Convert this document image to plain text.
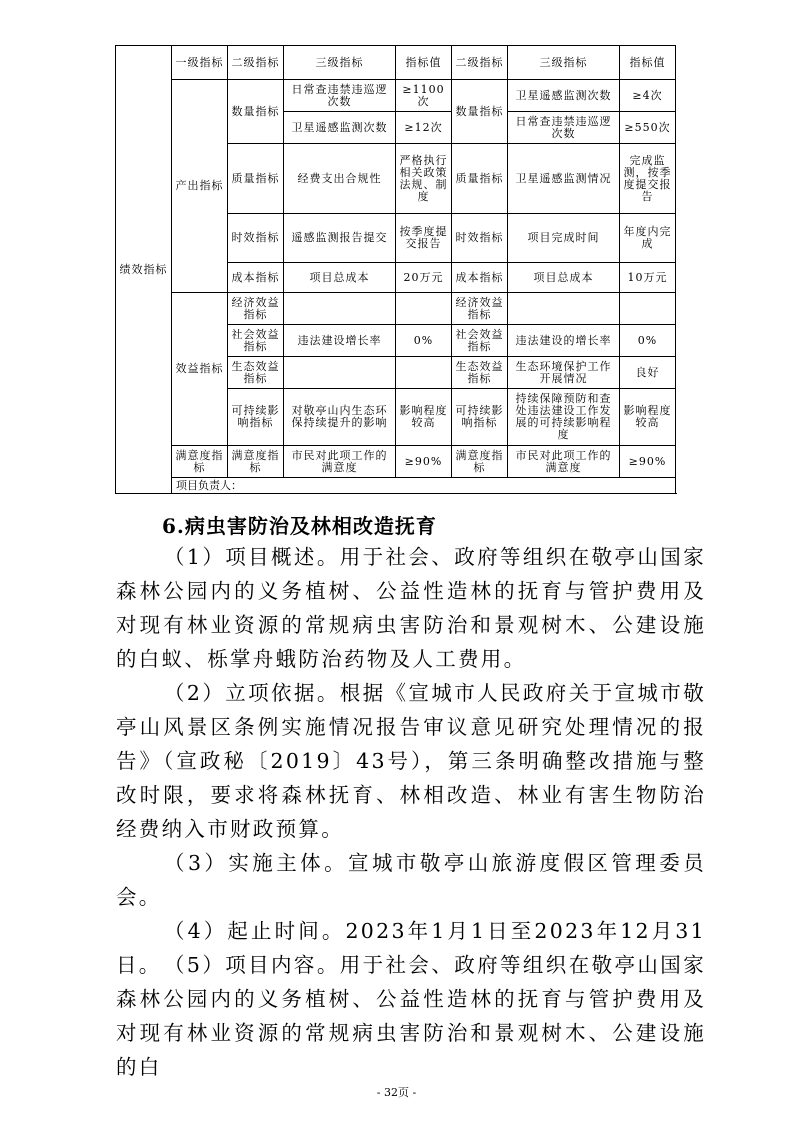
绩效指标	一级指标	二级指标	三级指标	指标值	二级指标	三级指标	指标值
	产出指标	数量指标	日常查违禁违巡逻次数	≥1100次	数量指标	卫星遥感监测次数	≥4次
			卫星遥感监测次数	≥12次		日常查违禁违巡逻次数	≥550次
		质量指标	经费支出合规性	严格执行相关政策法规、制度	质量指标	卫星遥感监测情况	完成监测，按季度提交报告
		时效指标	遥感监测报告提交	按季度提交报告	时效指标	项目完成时间	年度内完成
		成本指标	项目总成本	20万元	成本指标	项目总成本	10万元
	效益指标	经济效益指标			经济效益指标		
		社会效益指标	违法建设增长率	0%	社会效益指标	违法建设的增长率	0%
		生态效益指标			生态效益指标	生态环境保护工作开展情况	良好
		可持续影响指标	对敬亭山内生态环保持续提升的影响	影响程度较高	可持续影响指标	持续保障预防和查处违法建设工作发展的可持续影响程度	影响程度较高
	满意度指标	满意度指标	市民对此项工作的满意度	≥90%	满意度指标	市民对此项工作的满意度	≥90%
	项目负责人：						
6.病虫害防治及林相改造抚育

（1）项目概述。用于社会、政府等组织在敬亭山国家森林公园内的义务植树、公益性造林的抚育与管护费用及对现有林业资源的常规病虫害防治和景观树木、公建设施的白蚁、栎掌舟蛾防治药物及人工费用。

（2）立项依据。根据《宣城市人民政府关于宣城市敬亭山风景区条例实施情况报告审议意见研究处理情况的报告》（宣政秘〔2019〕43号），第三条明确整改措施与整改时限，要求将森林抚育、林相改造、林业有害生物防治经费纳入市财政预算。

（3）实施主体。宣城市敬亭山旅游度假区管理委员会。

（4）起止时间。2023年1月1日至2023年12月31日。 （5）项目内容。用于社会、政府等组织在敬亭山国家森林公园内的义务植树、公益性造林的抚育与管护费用及对现有林业资源的常规病虫害防治和景观树木、公建设施的白

- 32页 -
